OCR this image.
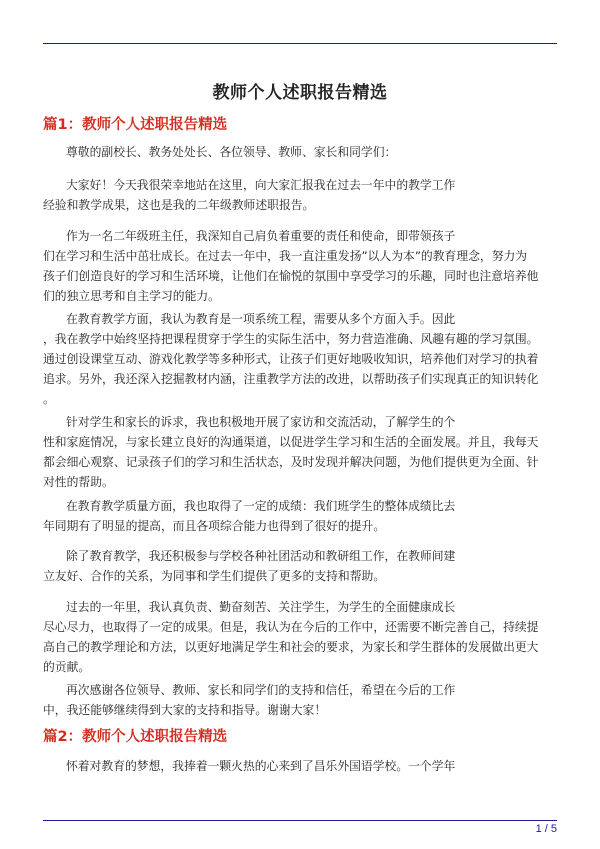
教师个人述职报告精选
篇1：教师个人述职报告精选
尊敬的副校长、教务处处长、各位领导、教师、家长和同学们：
大家好！今天我很荣幸地站在这里，向大家汇报我在过去一年中的教学工作
经验和教学成果，这也是我的二年级教师述职报告。
作为一名二年级班主任，我深知自己肩负着重要的责任和使命，即带领孩子
们在学习和生活中茁壮成长。在过去一年中，我一直注重发扬”以人为本”的教育理念，努力为
孩子们创造良好的学习和生活环境，让他们在愉悦的氛围中享受学习的乐趣，同时也注意培养他
们的独立思考和自主学习的能力。
在教育教学方面，我认为教育是一项系统工程，需要从多个方面入手。因此
，我在教学中始终坚持把课程贯穿于学生的实际生活中，努力营造准确、风趣有趣的学习氛围。
通过创设课堂互动、游戏化教学等多种形式，让孩子们更好地吸收知识，培养他们对学习的执着
追求。另外，我还深入挖掘教材内涵，注重教学方法的改进，以帮助孩子们实现真正的知识转化
。
针对学生和家长的诉求，我也积极地开展了家访和交流活动，了解学生的个
性和家庭情况，与家长建立良好的沟通渠道，以促进学生学习和生活的全面发展。并且，我每天
都会细心观察、记录孩子们的学习和生活状态，及时发现并解决问题，为他们提供更为全面、针
对性的帮助。
在教育教学质量方面，我也取得了一定的成绩：我们班学生的整体成绩比去
年同期有了明显的提高，而且各项综合能力也得到了很好的提升。
除了教育教学，我还积极参与学校各种社团活动和教研组工作，在教师间建
立友好、合作的关系，为同事和学生们提供了更多的支持和帮助。
过去的一年里，我认真负责、勤奋刻苦、关注学生，为学生的全面健康成长
尽心尽力，也取得了一定的成果。但是，我认为在今后的工作中，还需要不断完善自己，持续提
高自己的教学理论和方法，以更好地满足学生和社会的要求，为家长和学生群体的发展做出更大
的贡献。
再次感谢各位领导、教师、家长和同学们的支持和信任，希望在今后的工作
中，我还能够继续得到大家的支持和指导。谢谢大家！
篇2：教师个人述职报告精选
怀着对教育的梦想，我捧着一颗火热的心来到了昌乐外国语学校。一个学年
1 / 5
